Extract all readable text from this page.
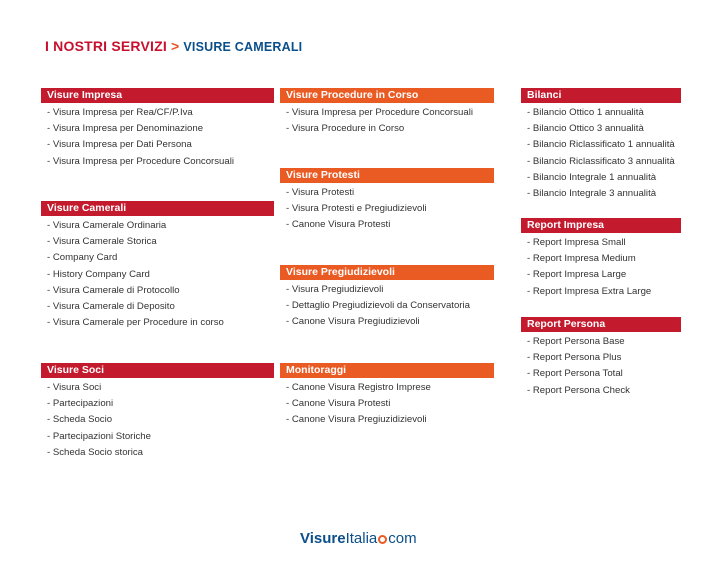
I NOSTRI SERVIZI > VISURE CAMERALI
Visure Impresa
- Visura Impresa per Rea/CF/P.Iva
- Visura Impresa per Denominazione
- Visura Impresa per Dati Persona
- Visura Impresa per Procedure Concorsuali
Visure Camerali
- Visura Camerale Ordinaria
- Visura Camerale Storica
- Company Card
- History Company Card
- Visura Camerale di Protocollo
- Visura Camerale di Deposito
- Visura Camerale per Procedure in corso
Visure Soci
- Visura Soci
- Partecipazioni
- Scheda Socio
- Partecipazioni Storiche
- Scheda Socio storica
Visure Procedure in Corso
- Visura Impresa per Procedure Concorsuali
- Visura Procedure in Corso
Visure Protesti
- Visura Protesti
- Visura Protesti e Pregiudizievoli
- Canone Visura Protesti
Visure Pregiudizievoli
- Visura Pregiudizievoli
- Dettaglio Pregiudizievoli da Conservatoria
- Canone Visura Pregiudizievoli
Monitoraggi
- Canone Visura Registro Imprese
- Canone Visura Protesti
- Canone Visura Pregiuzidizievoli
Bilanci
- Bilancio Ottico 1 annualità
- Bilancio Ottico 3 annualità
- Bilancio Riclassificato 1 annualità
- Bilancio Riclassificato 3 annualità
- Bilancio Integrale 1 annualità
- Bilancio Integrale 3 annualità
Report Impresa
- Report Impresa Small
- Report Impresa Medium
- Report Impresa Large
- Report Impresa Extra Large
Report Persona
- Report Persona Base
- Report Persona Plus
- Report Persona Total
- Report Persona Check
VisureItalia com
